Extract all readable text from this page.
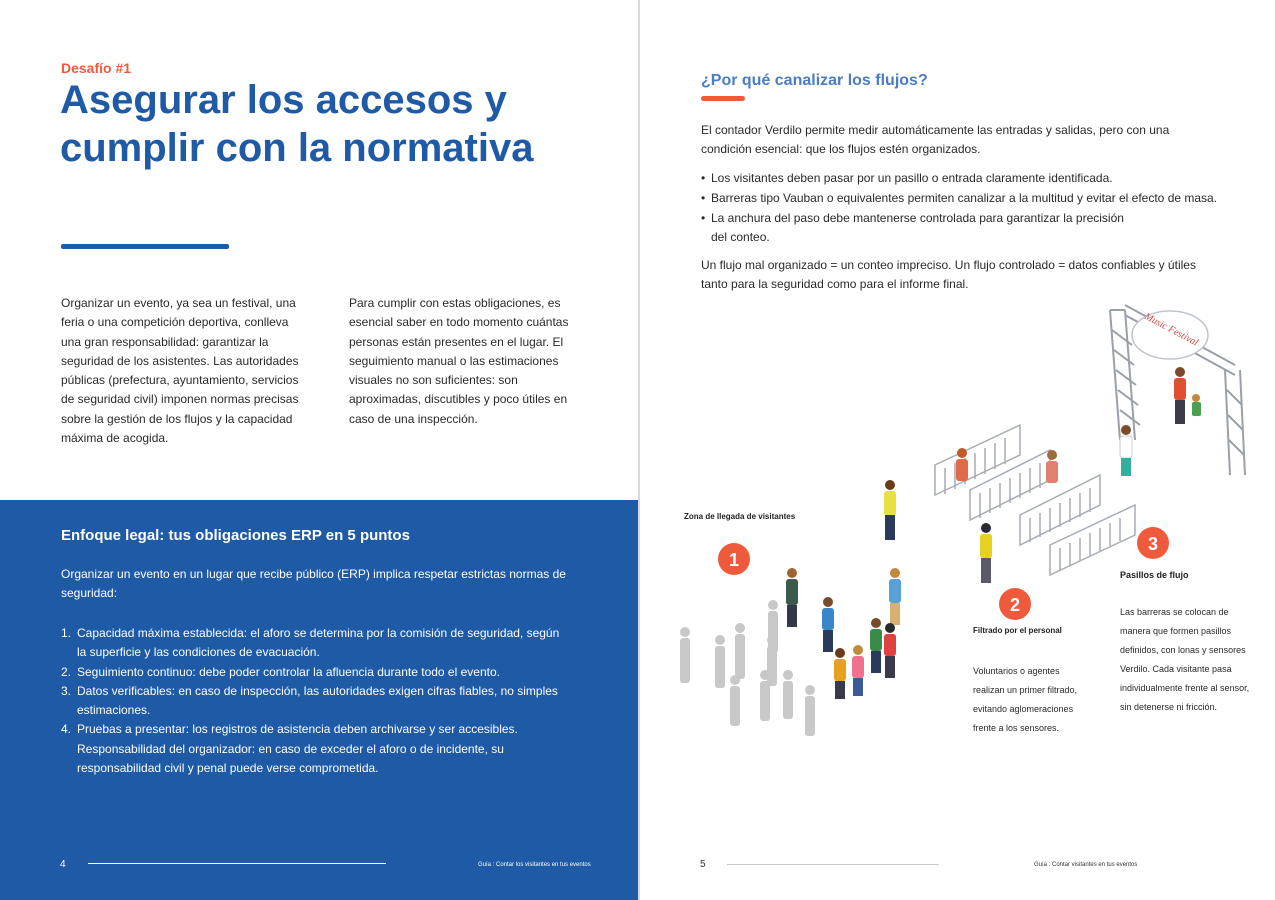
Desafío #1
Asegurar los accesos y cumplir con la normativa

Organizar un evento, ya sea un festival, una feria o una competición deportiva, conlleva una gran responsabilidad: garantizar la seguridad de los asistentes. Las autoridades públicas (prefectura, ayuntamiento, servicios de seguridad civil) imponen normas precisas sobre la gestión de los flujos y la capacidad máxima de acogida.

Para cumplir con estas obligaciones, es esencial saber en todo momento cuántas personas están presentes en el lugar. El seguimiento manual o las estimaciones visuales no son suficientes: son aproximadas, discutibles y poco útiles en caso de una inspección.

Enfoque legal: tus obligaciones ERP en 5 puntos

Organizar un evento en un lugar que recibe público (ERP) implica respetar estrictas normas de seguridad:

1. Capacidad máxima establecida: el aforo se determina por la comisión de seguridad, según la superficie y las condiciones de evacuación.
2. Seguimiento continuo: debe poder controlar la afluencia durante todo el evento.
3. Datos verificables: en caso de inspección, las autoridades exigen cifras fiables, no simples estimaciones.
4. Pruebas a presentar: los registros de asistencia deben archivarse y ser accesibles. Responsabilidad del organizador: en caso de exceder el aforo o de incidente, su responsabilidad civil y penal puede verse comprometida.
4	Guía : Contar los visitantes en tus eventos
¿Por qué canalizar los flujos?

El contador Verdilo permite medir automáticamente las entradas y salidas, pero con una condición esencial: que los flujos estén organizados.

• Los visitantes deben pasar por un pasillo o entrada claramente identificada.
• Barreras tipo Vauban o equivalentes permiten canalizar a la multitud y evitar el efecto de masa.
• La anchura del paso debe mantenerse controlada para garantizar la precisión del conteo.

Un flujo mal organizado = un conteo impreciso. Un flujo controlado = datos confiables y útiles tanto para la seguridad como para el informe final.

Music Festival
Zona de llegada de visitantes
1
2
3
Filtrado por el personal

Voluntarios o agentes realizan un primer filtrado, evitando aglomeraciones frente a los sensores.

Pasillos de flujo

Las barreras se colocan de manera que formen pasillos definidos, con lonas y sensores Verdilo. Cada visitante pasa individualmente frente al sensor, sin detenerse ni fricción.

5	Guía : Contar visitantes en tus eventos
